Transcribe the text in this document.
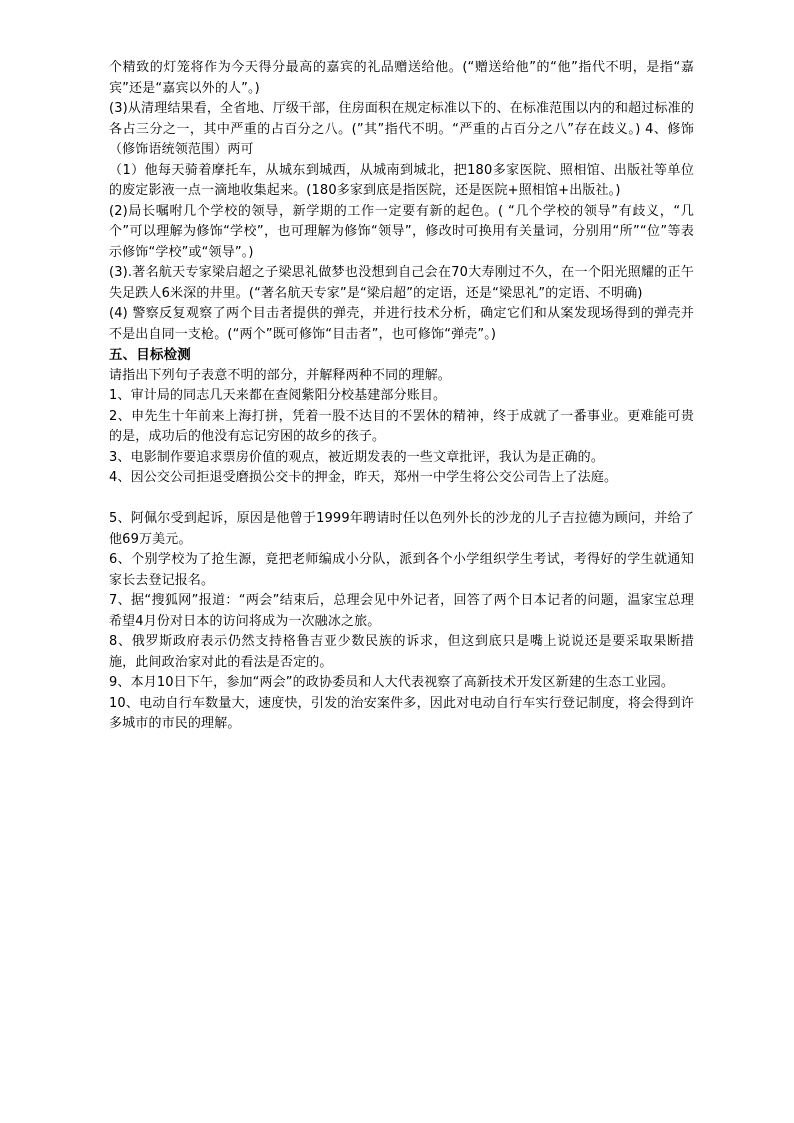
个精致的灯笼将作为今天得分最高的嘉宾的礼品赠送给他。(“赠送给他”的“他”指代不明，是指“嘉宾”还是“嘉宾以外的人”。)

(3)从清理结果看，全省地、厅级干部，住房面积在规定标准以下的、在标准范围以内的和超过标准的各占三分之一，其中严重的占百分之八。(”其”指代不明。“严重的占百分之八”存在歧义。) 4、修饰（修饰语统领范围）两可

（1）他每天骑着摩托车，从城东到城西，从城南到城北，把180多家医院、照相馆、出版社等单位的废定影液一点一滴地收集起来。(180多家到底是指医院，还是医院+照相馆+出版社。)

(2)局长嘱咐几个学校的领导，新学期的工作一定要有新的起色。( “几个学校的领导”有歧义，“几个”可以理解为修饰“学校”，也可理解为修饰“领导”，修改时可换用有关量词，分别用“所”“位”等表示修饰“学校”或“领导”。)

(3).著名航天专家梁启超之子梁思礼做梦也没想到自己会在70大寿刚过不久，在一个阳光照耀的正午失足跌人6米深的井里。(“著名航天专家”是“梁启超”的定语，还是“梁思礼”的定语、不明确)

(4) 警察反复观察了两个目击者提供的弹壳，并进行技术分析，确定它们和从案发现场得到的弹壳并不是出自同一支枪。(“两个”既可修饰“目击者”，也可修饰“弹壳”。)

五、目标检测

请指出下列句子表意不明的部分，并解释两种不同的理解。

1、审计局的同志几天来都在查阅紫阳分校基建部分账目。

2、申先生十年前来上海打拼，凭着一股不达目的不罢休的精神，终于成就了一番事业。更难能可贵的是，成功后的他没有忘记穷困的故乡的孩子。

3、电影制作要追求票房价值的观点，被近期发表的一些文章批评，我认为是正确的。

4、因公交公司拒退受磨损公交卡的押金，昨天，郑州一中学生将公交公司告上了法庭。

5、阿佩尔受到起诉，原因是他曾于1999年聘请时任以色列外长的沙龙的儿子吉拉德为顾问，并给了他69万美元。

6、个别学校为了抢生源，竟把老师编成小分队，派到各个小学组织学生考试，考得好的学生就通知家长去登记报名。

7、据“搜狐网”报道：“两会”结束后，总理会见中外记者，回答了两个日本记者的问题，温家宝总理希望4月份对日本的访问将成为一次融冰之旅。

8、俄罗斯政府表示仍然支持格鲁吉亚少数民族的诉求，但这到底只是嘴上说说还是要采取果断措施，此间政治家对此的看法是否定的。

9、本月10日下午，参加“两会”的政协委员和人大代表视察了高新技术开发区新建的生态工业园。

10、电动自行车数量大，速度快，引发的治安案件多，因此对电动自行车实行登记制度，将会得到许多城市的市民的理解。
